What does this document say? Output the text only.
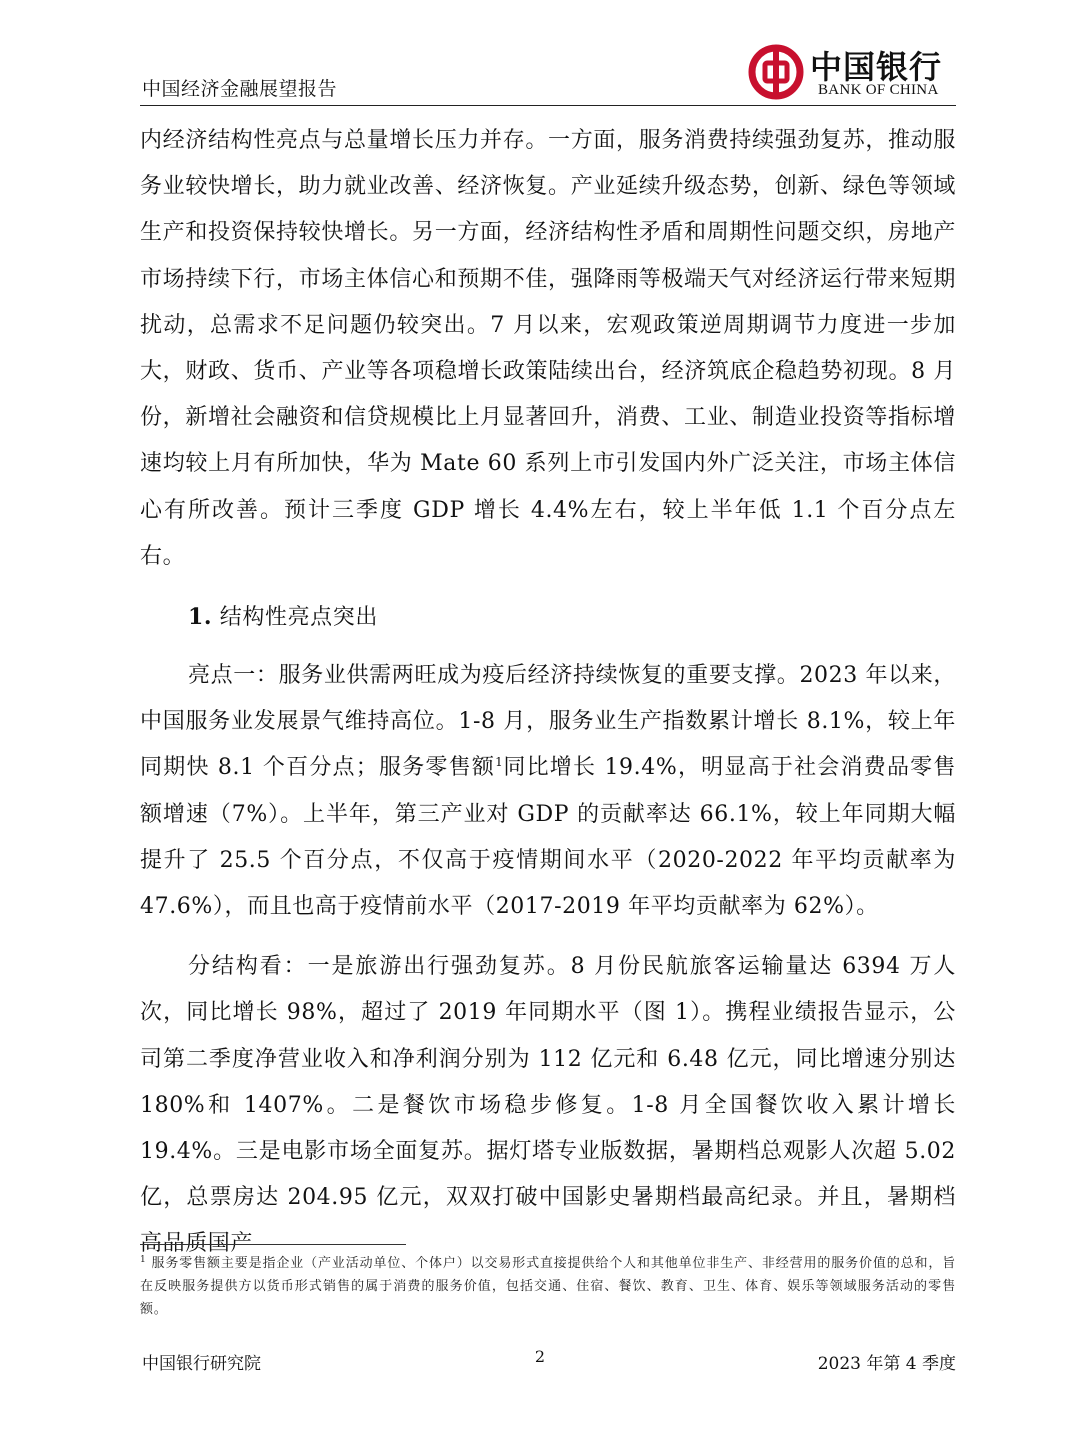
中国经济金融展望报告
中国银行
BANK OF CHINA

内经济结构性亮点与总量增长压力并存。一方面，服务消费持续强劲复苏，推动服务业较快增长，助力就业改善、经济恢复。产业延续升级态势，创新、绿色等领域生产和投资保持较快增长。另一方面，经济结构性矛盾和周期性问题交织，房地产市场持续下行，市场主体信心和预期不佳，强降雨等极端天气对经济运行带来短期扰动，总需求不足问题仍较突出。7 月以来，宏观政策逆周期调节力度进一步加大，财政、货币、产业等各项稳增长政策陆续出台，经济筑底企稳趋势初现。8 月份，新增社会融资和信贷规模比上月显著回升，消费、工业、制造业投资等指标增速均较上月有所加快，华为 Mate 60 系列上市引发国内外广泛关注，市场主体信心有所改善。预计三季度 GDP 增长 4.4%左右，较上半年低 1.1 个百分点左右。

1. 结构性亮点突出

亮点一：服务业供需两旺成为疫后经济持续恢复的重要支撑。2023 年以来，中国服务业发展景气维持高位。1-8 月，服务业生产指数累计增长 8.1%，较上年同期快 8.1 个百分点；服务零售额$^1$同比增长 19.4%，明显高于社会消费品零售额增速（7%）。上半年，第三产业对 GDP 的贡献率达 66.1%，较上年同期大幅提升了 25.5 个百分点，不仅高于疫情期间水平（2020-2022 年平均贡献率为 47.6%），而且也高于疫情前水平（2017-2019 年平均贡献率为 62%）。

分结构看：一是旅游出行强劲复苏。8 月份民航旅客运输量达 6394 万人次，同比增长 98%，超过了 2019 年同期水平（图 1）。携程业绩报告显示，公司第二季度净营业收入和净利润分别为 112 亿元和 6.48 亿元，同比增速分别达 180%和 1407%。二是餐饮市场稳步修复。1-8 月全国餐饮收入累计增长 19.4%。三是电影市场全面复苏。据灯塔专业版数据，暑期档总观影人次超 5.02 亿，总票房达 204.95 亿元，双双打破中国影史暑期档最高纪录。并且，暑期档高品质国产

$^1$ 服务零售额主要是指企业（产业活动单位、个体户）以交易形式直接提供给个人和其他单位非生产、非经营用的服务价值的总和，旨在反映服务提供方以货币形式销售的属于消费的服务价值，包括交通、住宿、餐饮、教育、卫生、体育、娱乐等领域服务活动的零售额。
中国银行研究院	2	2023 年第 4 季度
